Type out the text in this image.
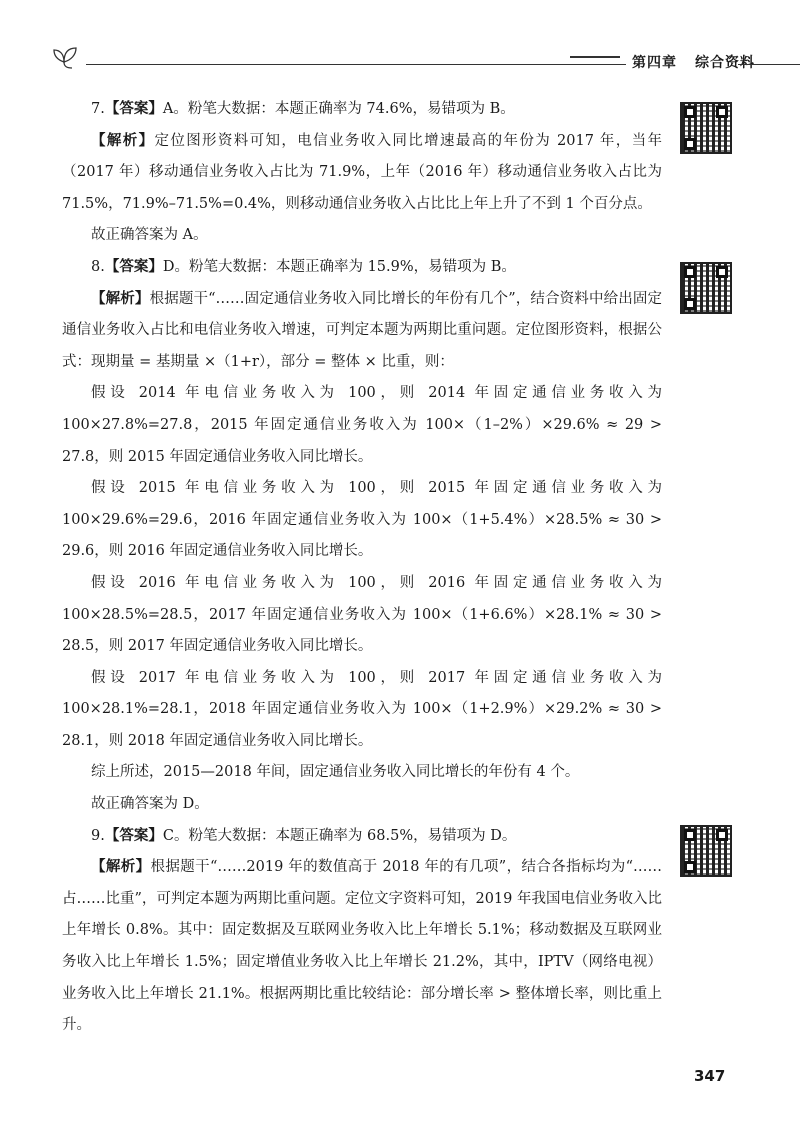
第四章 综合资料

7.【答案】A。粉笔大数据：本题正确率为 74.6%，易错项为 B。

【解析】定位图形资料可知，电信业务收入同比增速最高的年份为 2017 年，当年（2017 年）移动通信业务收入占比为 71.9%，上年（2016 年）移动通信业务收入占比为 71.5%，71.9%–71.5%=0.4%，则移动通信业务收入占比比上年上升了不到 1 个百分点。

故正确答案为 A。

8.【答案】D。粉笔大数据：本题正确率为 15.9%，易错项为 B。

【解析】根据题干“……固定通信业务收入同比增长的年份有几个”，结合资料中给出固定通信业务收入占比和电信业务收入增速，可判定本题为两期比重问题。定位图形资料，根据公式：现期量 = 基期量 ×（1+r），部分 = 整体 × 比重，则：

假设 2014 年电信业务收入为 100，则 2014 年固定通信业务收入为 100×27.8%=27.8，2015 年固定通信业务收入为 100×（1–2%）×29.6% ≈ 29 > 27.8，则 2015 年固定通信业务收入同比增长。

假设 2015 年电信业务收入为 100，则 2015 年固定通信业务收入为 100×29.6%=29.6，2016 年固定通信业务收入为 100×（1+5.4%）×28.5% ≈ 30 > 29.6，则 2016 年固定通信业务收入同比增长。

假设 2016 年电信业务收入为 100，则 2016 年固定通信业务收入为 100×28.5%=28.5，2017 年固定通信业务收入为 100×（1+6.6%）×28.1% ≈ 30 > 28.5，则 2017 年固定通信业务收入同比增长。

假设 2017 年电信业务收入为 100，则 2017 年固定通信业务收入为 100×28.1%=28.1，2018 年固定通信业务收入为 100×（1+2.9%）×29.2% ≈ 30 > 28.1，则 2018 年固定通信业务收入同比增长。

综上所述，2015—2018 年间，固定通信业务收入同比增长的年份有 4 个。

故正确答案为 D。

9.【答案】C。粉笔大数据：本题正确率为 68.5%，易错项为 D。

【解析】根据题干“……2019 年的数值高于 2018 年的有几项”，结合各指标均为“……占……比重”，可判定本题为两期比重问题。定位文字资料可知，2019 年我国电信业务收入比上年增长 0.8%。其中：固定数据及互联网业务收入比上年增长 5.1%；移动数据及互联网业务收入比上年增长 1.5%；固定增值业务收入比上年增长 21.2%，其中，IPTV（网络电视）业务收入比上年增长 21.1%。根据两期比重比较结论：部分增长率 > 整体增长率，则比重上升。

347
